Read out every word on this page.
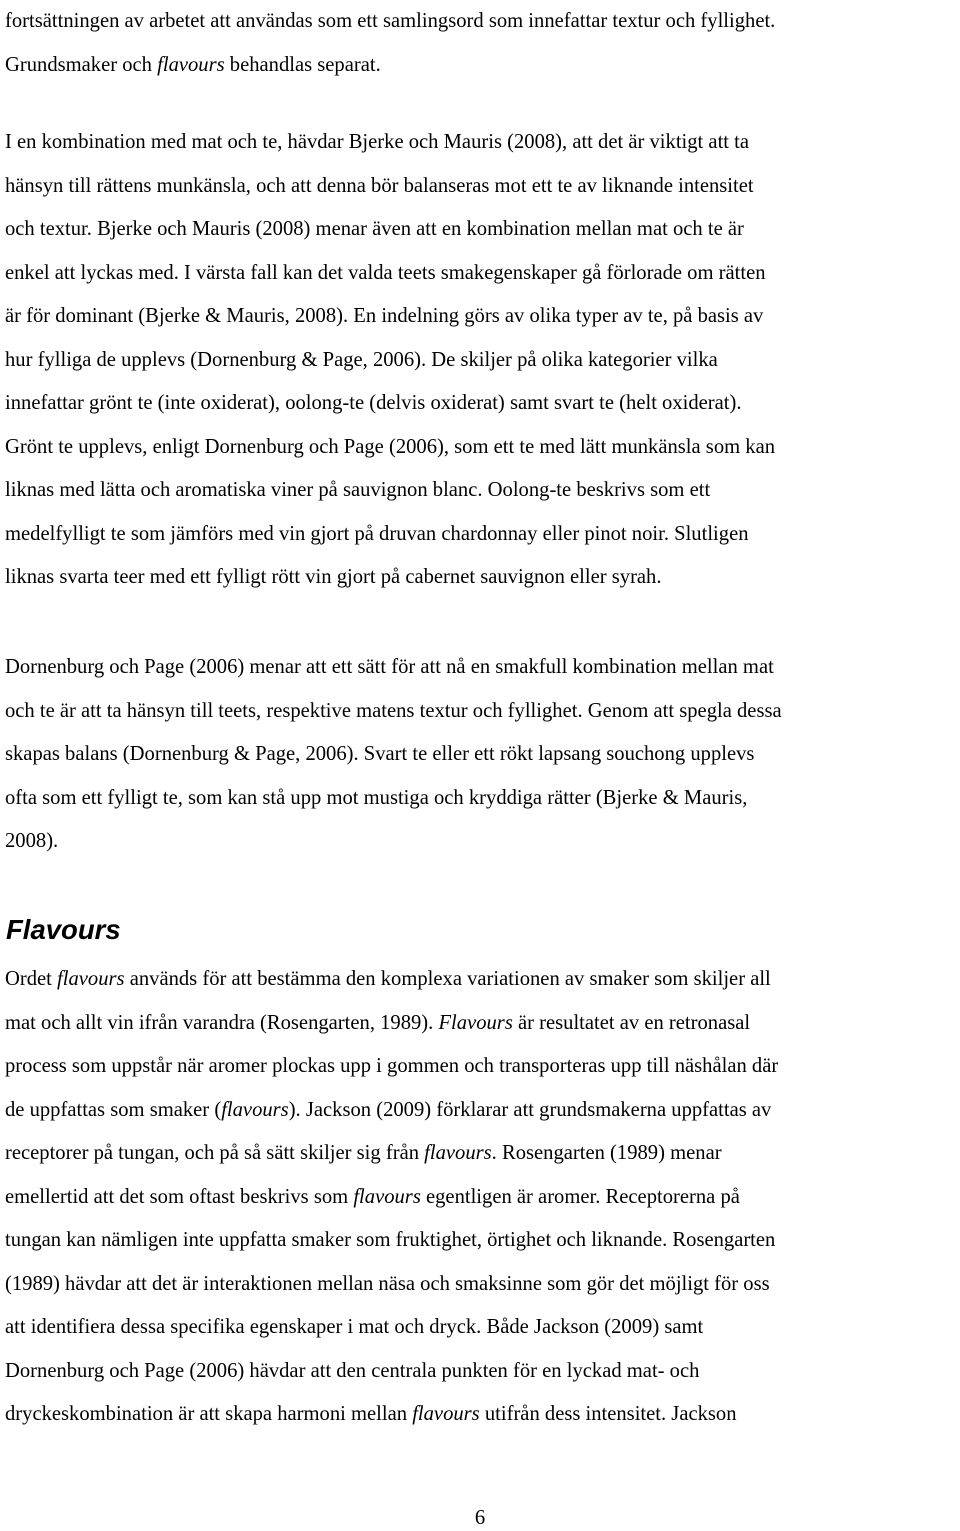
fortsättningen av arbetet att användas som ett samlingsord som innefattar textur och fyllighet.
Grundsmaker och flavours behandlas separat.

I en kombination med mat och te, hävdar Bjerke och Mauris (2008), att det är viktigt att ta
hänsyn till rättens munkänsla, och att denna bör balanseras mot ett te av liknande intensitet
och textur. Bjerke och Mauris (2008) menar även att en kombination mellan mat och te är
enkel att lyckas med. I värsta fall kan det valda teets smakegenskaper gå förlorade om rätten
är för dominant (Bjerke & Mauris, 2008). En indelning görs av olika typer av te, på basis av
hur fylliga de upplevs (Dornenburg & Page, 2006). De skiljer på olika kategorier vilka
innefattar grönt te (inte oxiderat), oolong-te (delvis oxiderat) samt svart te (helt oxiderat).
Grönt te upplevs, enligt Dornenburg och Page (2006), som ett te med lätt munkänsla som kan
liknas med lätta och aromatiska viner på sauvignon blanc. Oolong-te beskrivs som ett
medelfylligt te som jämförs med vin gjort på druvan chardonnay eller pinot noir. Slutligen
liknas svarta teer med ett fylligt rött vin gjort på cabernet sauvignon eller syrah.

Dornenburg och Page (2006) menar att ett sätt för att nå en smakfull kombination mellan mat
och te är att ta hänsyn till teets, respektive matens textur och fyllighet. Genom att spegla dessa
skapas balans (Dornenburg & Page, 2006). Svart te eller ett rökt lapsang souchong upplevs
ofta som ett fylligt te, som kan stå upp mot mustiga och kryddiga rätter (Bjerke & Mauris,
2008).

Flavours

Ordet flavours används för att bestämma den komplexa variationen av smaker som skiljer all
mat och allt vin ifrån varandra (Rosengarten, 1989). Flavours är resultatet av en retronasal
process som uppstår när aromer plockas upp i gommen och transporteras upp till näshålan där
de uppfattas som smaker (flavours). Jackson (2009) förklarar att grundsmakerna uppfattas av
receptorer på tungan, och på så sätt skiljer sig från flavours. Rosengarten (1989) menar
emellertid att det som oftast beskrivs som flavours egentligen är aromer. Receptorerna på
tungan kan nämligen inte uppfatta smaker som fruktighet, örtighet och liknande. Rosengarten
(1989) hävdar att det är interaktionen mellan näsa och smaksinne som gör det möjligt för oss
att identifiera dessa specifika egenskaper i mat och dryck. Både Jackson (2009) samt
Dornenburg och Page (2006) hävdar att den centrala punkten för en lyckad mat- och
dryckeskombination är att skapa harmoni mellan flavours utifrån dess intensitet. Jackson

6
